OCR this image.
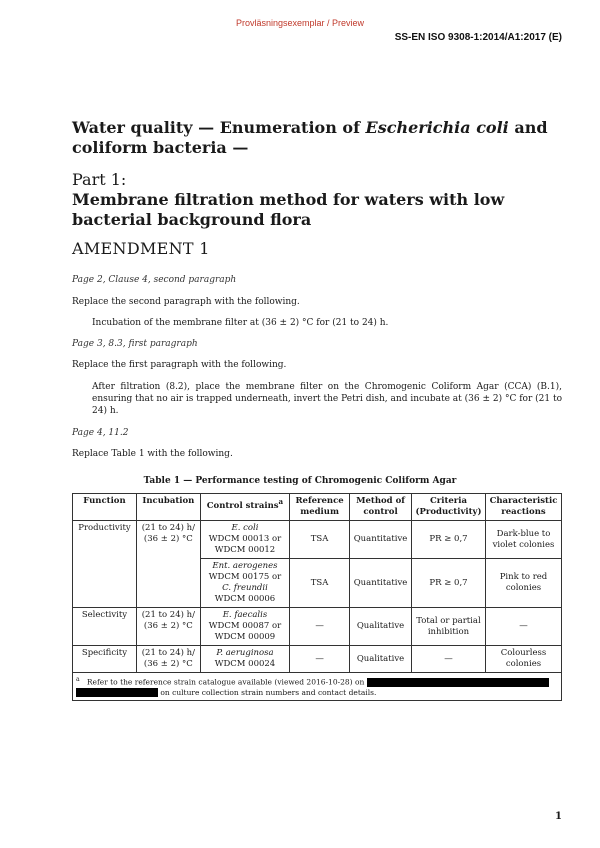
Provläsningsexemplar / Preview
SS-EN ISO 9308-1:2014/A1:2017 (E)
Water quality — Enumeration of Escherichia coli and coliform bacteria —
Part 1:
Membrane filtration method for waters with low bacterial background flora
AMENDMENT 1

Page 2, Clause 4, second paragraph

Replace the second paragraph with the following.

Incubation of the membrane filter at (36 ± 2) °C for (21 to 24) h.

Page 3, 8.3, first paragraph

Replace the first paragraph with the following.

After filtration (8.2), place the membrane filter on the Chromogenic Coliform Agar (CCA) (B.1), ensuring that no air is trapped underneath, invert the Petri dish, and incubate at (36 ± 2) °C for (21 to 24) h.

Page 4, 11.2

Replace Table 1 with the following.

Table 1 — Performance testing of Chromogenic Coliform Agar
Function	Incubation	Control strains$^a$	Reference medium	Method of control	Criteria (Productivity)	Characteristic reactions
Productivity	(21 to 24) h/ (36 ± 2) °C	E. coli
WDCM 00013 or
WDCM 00012	TSA	Quantitative	PR ≥ 0,7	Dark-blue to violet colonies

		Ent. aerogenes
WDCM 00175 or
C. freundii
WDCM 00006	TSA	Quantitative	PR ≥ 0,7	Pink to red colonies
Selectivity	(21 to 24) h/ (36 ± 2) °C	E. faecalis
WDCM 00087 or
WDCM 00009	—	Qualitative	Total or partial inhibition	—
Specificity	(21 to 24) h/ (36 ± 2) °C	P. aeruginosa
WDCM 00024	—	Qualitative	—	Colourless colonies
$^a$ Refer to the reference strain catalogue available (viewed 2016-10-28) on
on culture collection strain numbers and contact details.						
1
